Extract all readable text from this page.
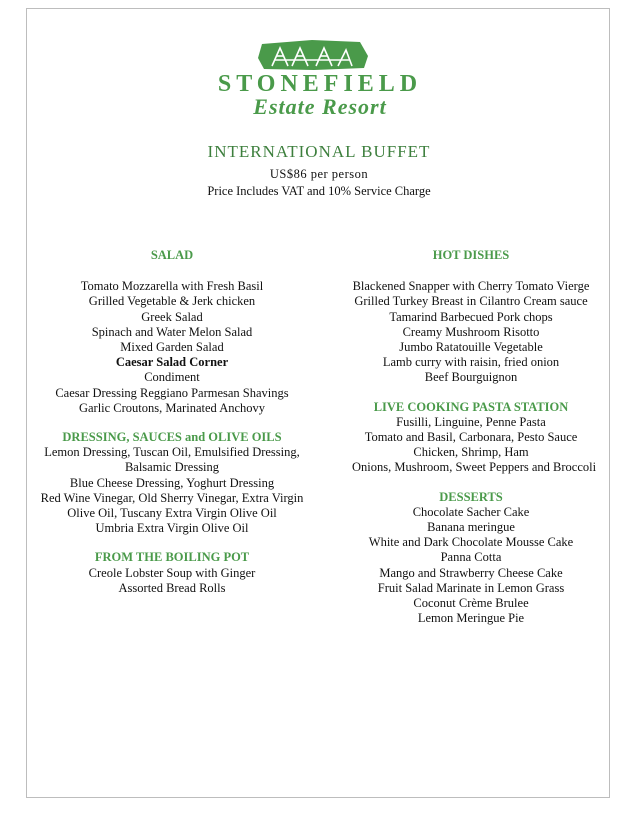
STONEFIELD
Estate Resort
INTERNATIONAL BUFFET
US$86 per person
Price Includes VAT and 10% Service Charge
SALAD
Tomato Mozzarella with Fresh Basil
Grilled Vegetable & Jerk chicken
Greek Salad
Spinach and Water Melon Salad
Mixed Garden Salad
Caesar Salad Corner
Condiment
Caesar Dressing Reggiano Parmesan Shavings
Garlic Croutons, Marinated Anchovy
DRESSING, SAUCES and OLIVE OILS
Lemon Dressing, Tuscan Oil, Emulsified Dressing,
Balsamic Dressing
Blue Cheese Dressing, Yoghurt Dressing
Red Wine Vinegar, Old Sherry Vinegar, Extra Virgin
Olive Oil, Tuscany Extra Virgin Olive Oil
Umbria Extra Virgin Olive Oil
FROM THE BOILING POT
Creole Lobster Soup with Ginger
Assorted Bread Rolls
HOT DISHES
Blackened Snapper with Cherry Tomato Vierge
Grilled Turkey Breast in Cilantro Cream sauce
Tamarind Barbecued Pork chops
Creamy Mushroom Risotto
Jumbo Ratatouille Vegetable
Lamb curry with raisin, fried onion
Beef Bourguignon
LIVE COOKING PASTA STATION
Fusilli, Linguine, Penne Pasta
Tomato and Basil, Carbonara, Pesto Sauce
Chicken, Shrimp, Ham
Onions, Mushroom, Sweet Peppers and Broccoli
DESSERTS
Chocolate Sacher Cake
Banana meringue
White and Dark Chocolate Mousse Cake
Panna Cotta
Mango and Strawberry Cheese Cake
Fruit Salad Marinate in Lemon Grass
Coconut Crème Brulee
Lemon Meringue Pie
